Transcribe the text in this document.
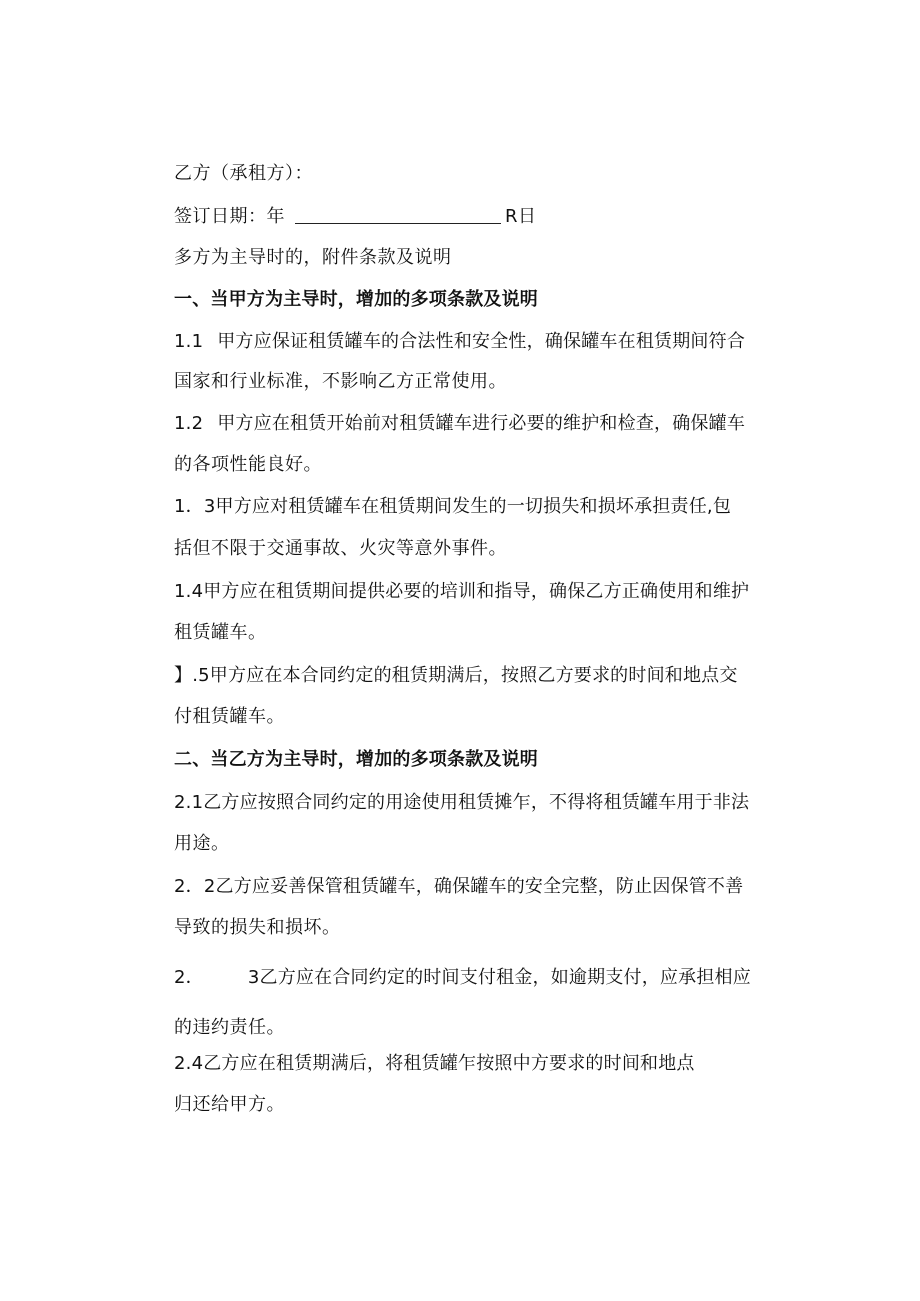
乙方（承租方）：
签订日期：年	R日
多方为主导时的，附件条款及说明
一、当甲方为主导时，增加的多项条款及说明
1.1 甲方应保证租赁罐车的合法性和安全性，确保罐车在租赁期间符合
国家和行业标准，不影响乙方正常使用。
1.2 甲方应在租赁开始前对租赁罐车进行必要的维护和检查，确保罐车
的各项性能良好。
1．3甲方应对租赁罐车在租赁期间发生的一切损失和损坏承担责任,包
括但不限于交通事故、火灾等意外事件。
1.4甲方应在租赁期间提供必要的培训和指导，确保乙方正确使用和维护
租赁罐车。
】.5甲方应在本合同约定的租赁期满后，按照乙方要求的时间和地点交
付租赁罐车。
二、当乙方为主导时，增加的多项条款及说明
2.1乙方应按照合同约定的用途使用租赁摊乍，不得将租赁罐车用于非法
用途。
2．2乙方应妥善保管租赁罐车，确保罐车的安全完整，防止因保管不善
导致的损失和损坏。
2． 3乙方应在合同约定的时间支付租金，如逾期支付，应承担相应
的违约责任。
2.4乙方应在租赁期满后，将租赁罐乍按照中方要求的时间和地点
归还给甲方。
